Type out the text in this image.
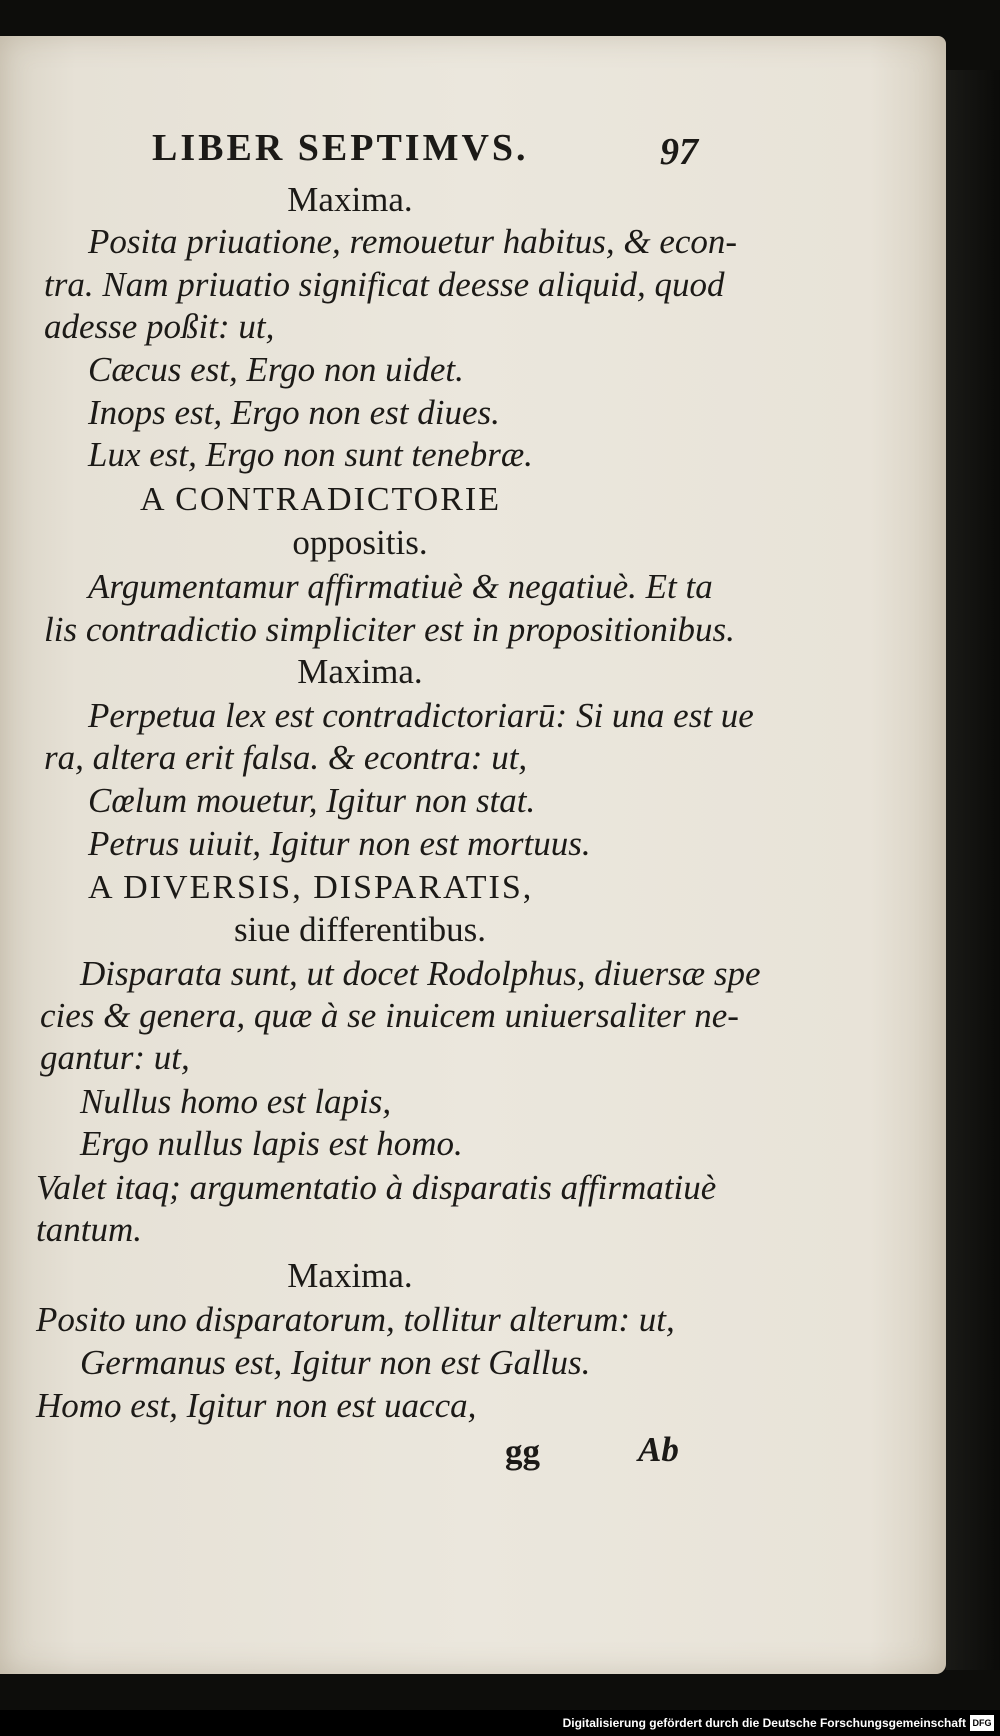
LIBER SEPTIMVS.	97
Maxima.
Posita priuatione, remouetur habitus, & econ-
tra. Nam priuatio significat deesse aliquid, quod
adesse poßit: ut,
Cæcus est, Ergo non uidet.
Inops est, Ergo non est diues.
Lux est, Ergo non sunt tenebræ.
A CONTRADICTORIE
oppositis.
Argumentamur affirmatiuè & negatiuè. Et ta
lis contradictio simpliciter est in propositionibus.
Maxima.
Perpetua lex est contradictoriarū: Si una est ue
ra, altera erit falsa. & econtra: ut,
Cœlum mouetur, Igitur non stat.
Petrus uiuit, Igitur non est mortuus.
A DIVERSIS, DISPARATIS,
siue differentibus.
Disparata sunt, ut docet Rodolphus, diuersæ spe
cies & genera, quæ à se inuicem uniuersaliter ne-
gantur: ut,
Nullus homo est lapis,
Ergo nullus lapis est homo.
Valet itaq; argumentatio à disparatis affirmatiuè
tantum.
Maxima.
Posito uno disparatorum, tollitur alterum: ut,
Germanus est, Igitur non est Gallus.
Homo est, Igitur non est uacca,
gg	Ab
Digitalisierung gefördert durch die Deutsche Forschungsgemeinschaft DFG
